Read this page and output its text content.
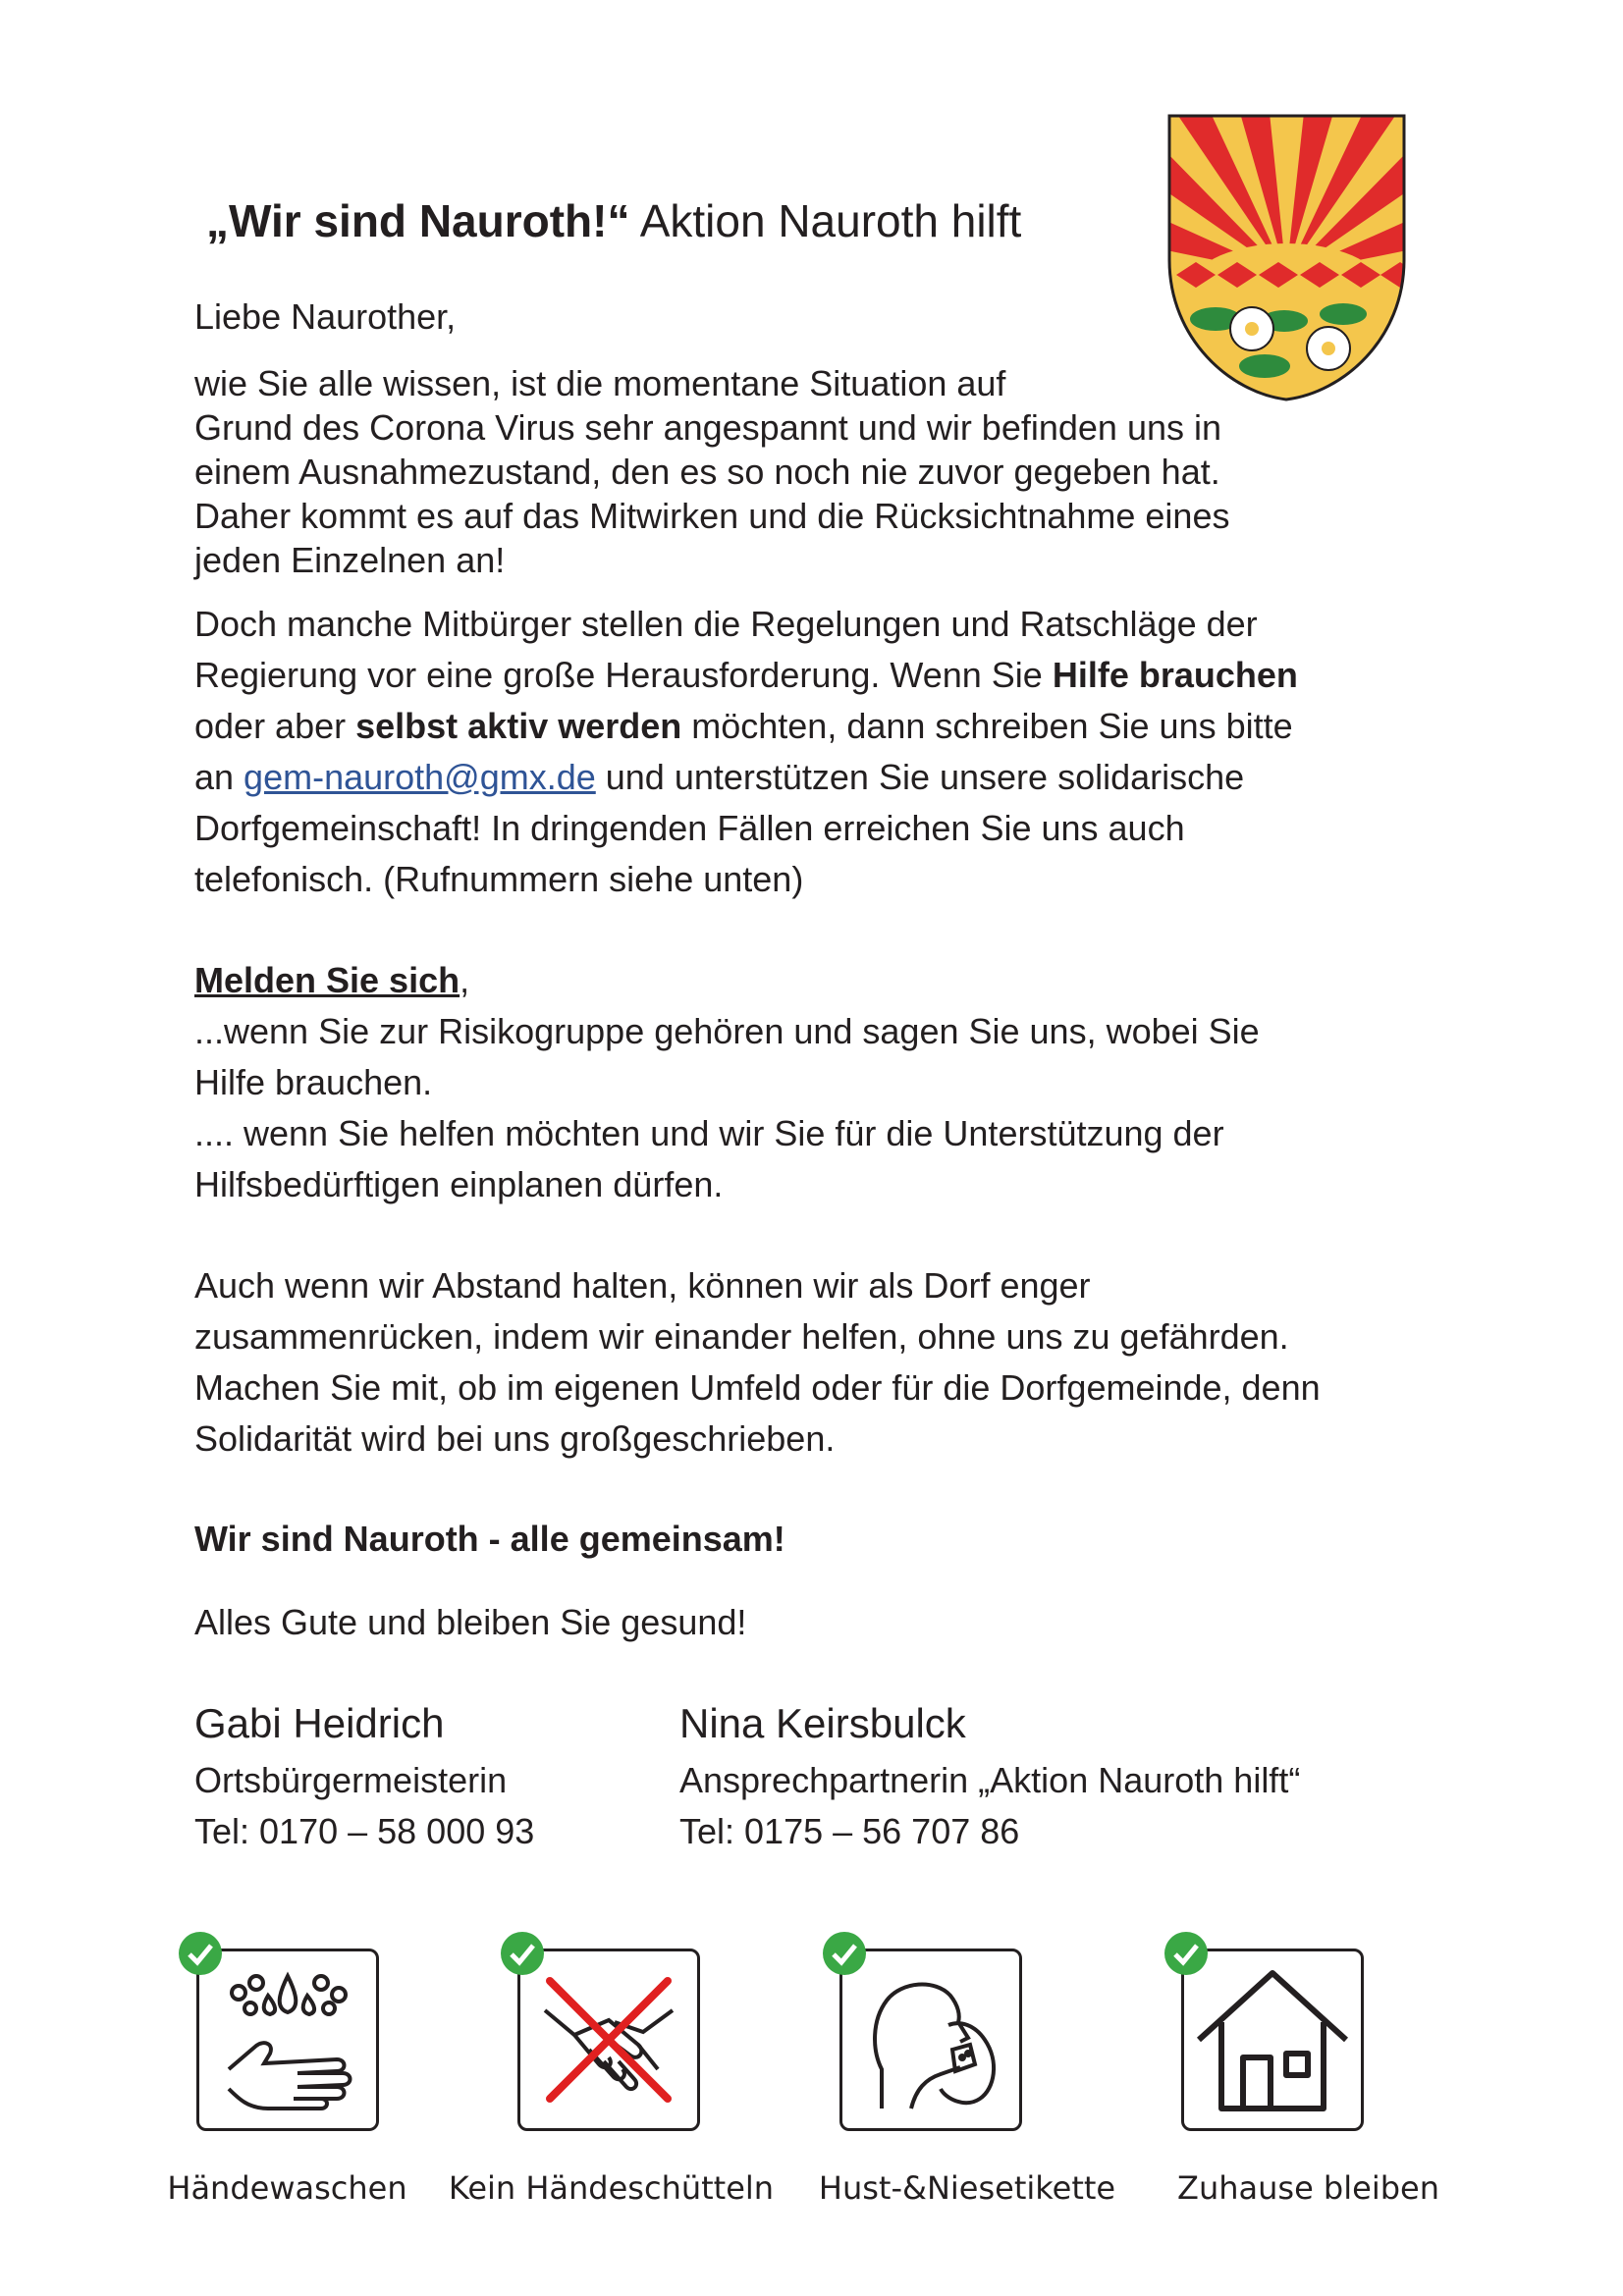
„Wir sind Nauroth!“ Aktion Nauroth hilft
Liebe Naurother,
wie Sie alle wissen, ist die momentane Situation auf
Grund des Corona Virus sehr angespannt und wir befinden uns in
einem Ausnahmezustand, den es so noch nie zuvor gegeben hat.
Daher kommt es auf das Mitwirken und die Rücksichtnahme eines
jeden Einzelnen an!
Doch manche Mitbürger stellen die Regelungen und Ratschläge der
Regierung vor eine große Herausforderung. Wenn Sie Hilfe brauchen
oder aber selbst aktiv werden möchten, dann schreiben Sie uns bitte
an gem-nauroth@gmx.de und unterstützen Sie unsere solidarische
Dorfgemeinschaft! In dringenden Fällen erreichen Sie uns auch
telefonisch. (Rufnummern siehe unten)
Melden Sie sich,
...wenn Sie zur Risikogruppe gehören und sagen Sie uns, wobei Sie
Hilfe brauchen.
.... wenn Sie helfen möchten und wir Sie für die Unterstützung der
Hilfsbedürftigen einplanen dürfen.
Auch wenn wir Abstand halten, können wir als Dorf enger
zusammenrücken, indem wir einander helfen, ohne uns zu gefährden.
Machen Sie mit, ob im eigenen Umfeld oder für die Dorfgemeinde, denn
Solidarität wird bei uns großgeschrieben.
Wir sind Nauroth - alle gemeinsam!
Alles Gute und bleiben Sie gesund!
Gabi Heidrich
Ortsbürgermeisterin
Tel: 0170 – 58 000 93
Nina Keirsbulck
Ansprechpartnerin „Aktion Nauroth hilft“
Tel: 0175 – 56 707 86
Händewaschen	Kein Händeschütteln	Hust-&Niesetikette	Zuhause bleiben
